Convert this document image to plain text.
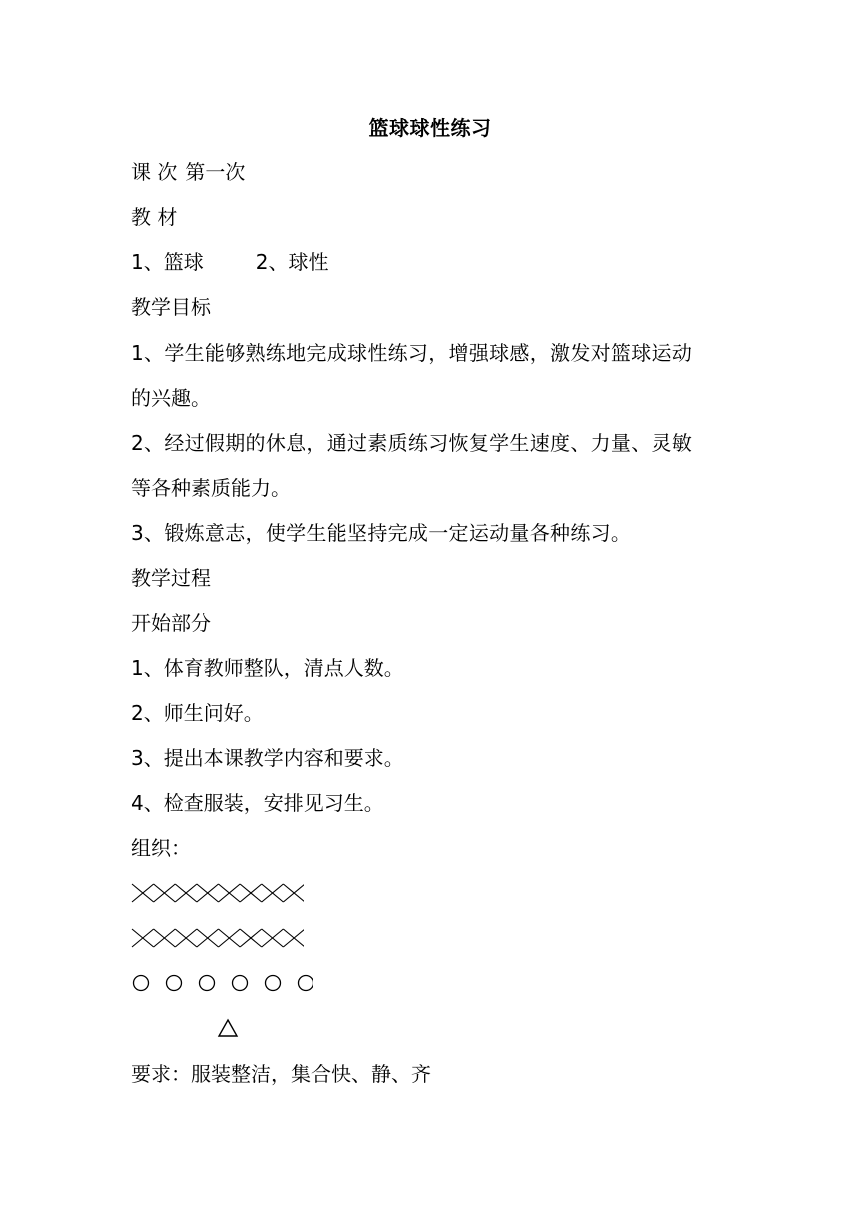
篮球球性练习
课 次 第一次
教 材
1、篮球	2、球性
教学目标
1、学生能够熟练地完成球性练习，增强球感，激发对篮球运动
的兴趣。
2、经过假期的休息，通过素质练习恢复学生速度、力量、灵敏
等各种素质能力。
3、锻炼意志，使学生能坚持完成一定运动量各种练习。
教学过程
开始部分
1、体育教师整队，清点人数。
2、师生问好。
3、提出本课教学内容和要求。
4、检查服装，安排见习生。
组织：
要求：服装整洁，集合快、静、齐
